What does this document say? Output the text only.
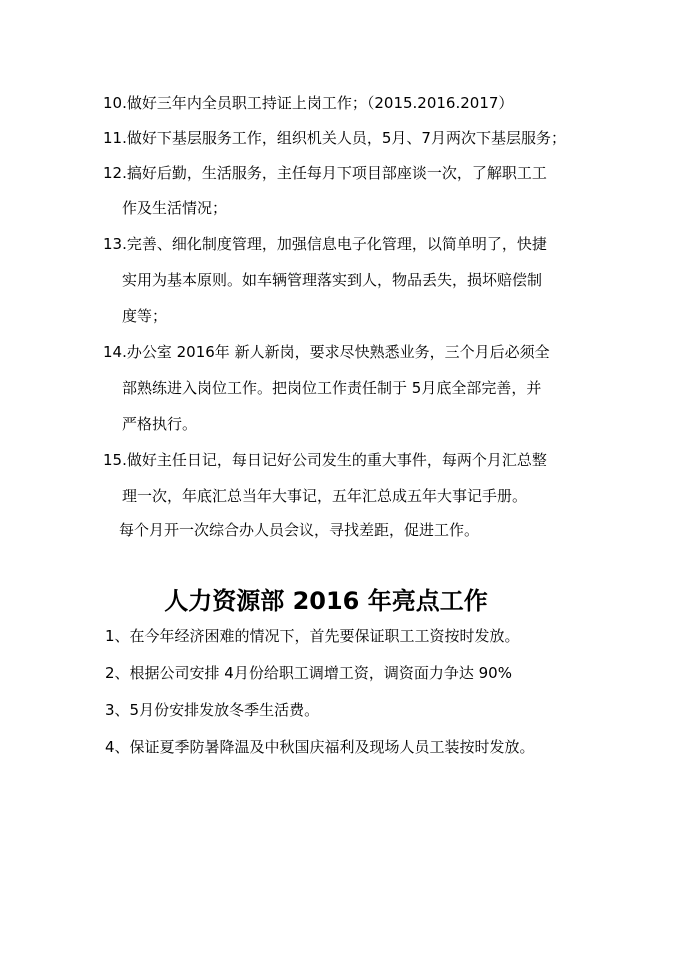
10.做好三年内全员职工持证上岗工作；（2015.2016.2017）
11.做好下基层服务工作，组织机关人员，5月、7月两次下基层服务；
12.搞好后勤，生活服务，主任每月下项目部座谈一次，了解职工工
作及生活情况；
13.完善、细化制度管理，加强信息电子化管理，以简单明了，快捷
实用为基本原则。如车辆管理落实到人，物品丢失，损坏赔偿制
度等；
14.办公室 2016年 新人新岗，要求尽快熟悉业务，三个月后必须全
部熟练进入岗位工作。把岗位工作责任制于 5月底全部完善，并
严格执行。
15.做好主任日记，每日记好公司发生的重大事件，每两个月汇总整
理一次，年底汇总当年大事记，五年汇总成五年大事记手册。
每个月开一次综合办人员会议，寻找差距，促进工作。
人力资源部 2016 年亮点工作
1、在今年经济困难的情况下，首先要保证职工工资按时发放。
2、根据公司安排 4月份给职工调增工资，调资面力争达 90%
3、5月份安排发放冬季生活费。
4、保证夏季防暑降温及中秋国庆福利及现场人员工装按时发放。
